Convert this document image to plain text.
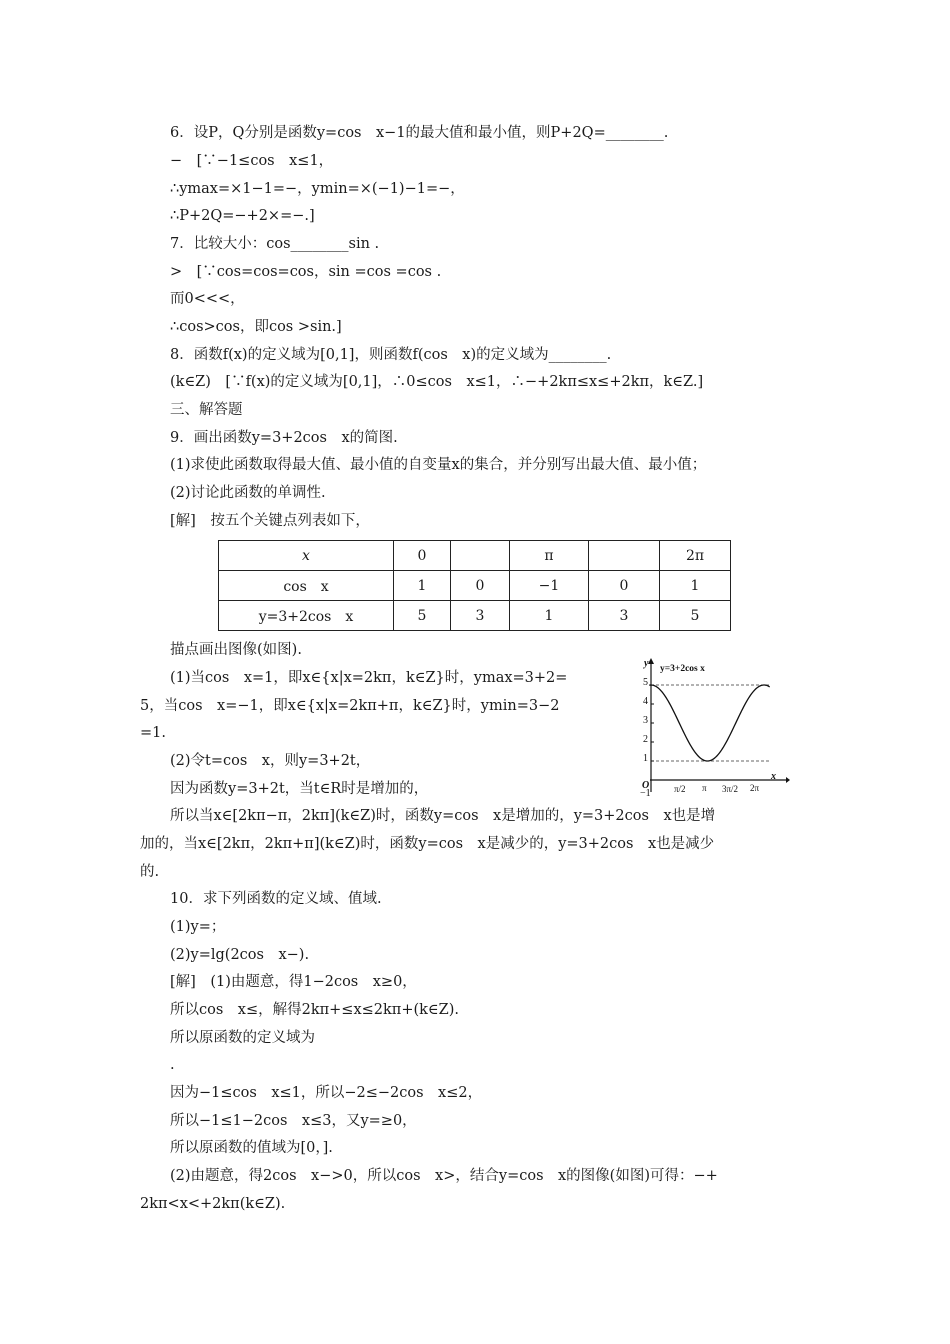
6．设P，Q分别是函数y=cos　x−1的最大值和最小值，则P+2Q=________.
−　[∵−1≤cos　x≤1，
∴ymax=×1−1=−，ymin=×(−1)−1=−，
∴P+2Q=−+2×=−.]
7．比较大小：cos________sin .
>　[∵cos=cos=cos，sin =cos =cos .
而0<<<，
∴cos>cos，即cos >sin.]
8．函数f(x)的定义域为[0,1]，则函数f(cos　x)的定义域为________.
(k∈Z)　[∵f(x)的定义域为[0,1]，∴0≤cos　x≤1，∴−+2kπ≤x≤+2kπ，k∈Z.]
三、解答题
9．画出函数y=3+2cos　x的简图.
(1)求使此函数取得最大值、最小值的自变量x的集合，并分别写出最大值、最小值；
(2)讨论此函数的单调性.
[解]　按五个关键点列表如下，
x	0		π		2π
cos　x	1	0	−1	0	1
y=3+2cos　x	5	3	1	3	5
描点画出图像(如图).
(1)当cos　x=1，即x∈{x|x=2kπ，k∈Z}时，ymax=3+2=
5，当cos　x=−1，即x∈{x|x=2kπ+π，k∈Z}时，ymin=3−2
=1.
(2)令t=cos　x，则y=3+2t，
因为函数y=3+2t，当t∈R时是增加的，
所以当x∈[2kπ−π，2kπ](k∈Z)时，函数y=cos　x是增加的，y=3+2cos　x也是增
加的，当x∈[2kπ，2kπ+π](k∈Z)时，函数y=cos　x是减少的，y=3+2cos　x也是减少
的.
10．求下列函数的定义域、值域.
(1)y=；
(2)y=lg(2cos　x−).
[解]　(1)由题意，得1−2cos　x≥0，
所以cos　x≤，解得2kπ+≤x≤2kπ+(k∈Z).
所以原函数的定义域为
.
因为−1≤cos　x≤1，所以−2≤−2cos　x≤2，
所以−1≤1−2cos　x≤3，又y=≥0，
所以原函数的值域为[0，].
(2)由题意，得2cos　x−>0，所以cos　x>，结合y=cos　x的图像(如图)可得：−+
2kπ<x<+2kπ(k∈Z).
y
x
O
y=3+2cos x
5
4
3
2
1
−1	π/2 π 3π/2 2π
